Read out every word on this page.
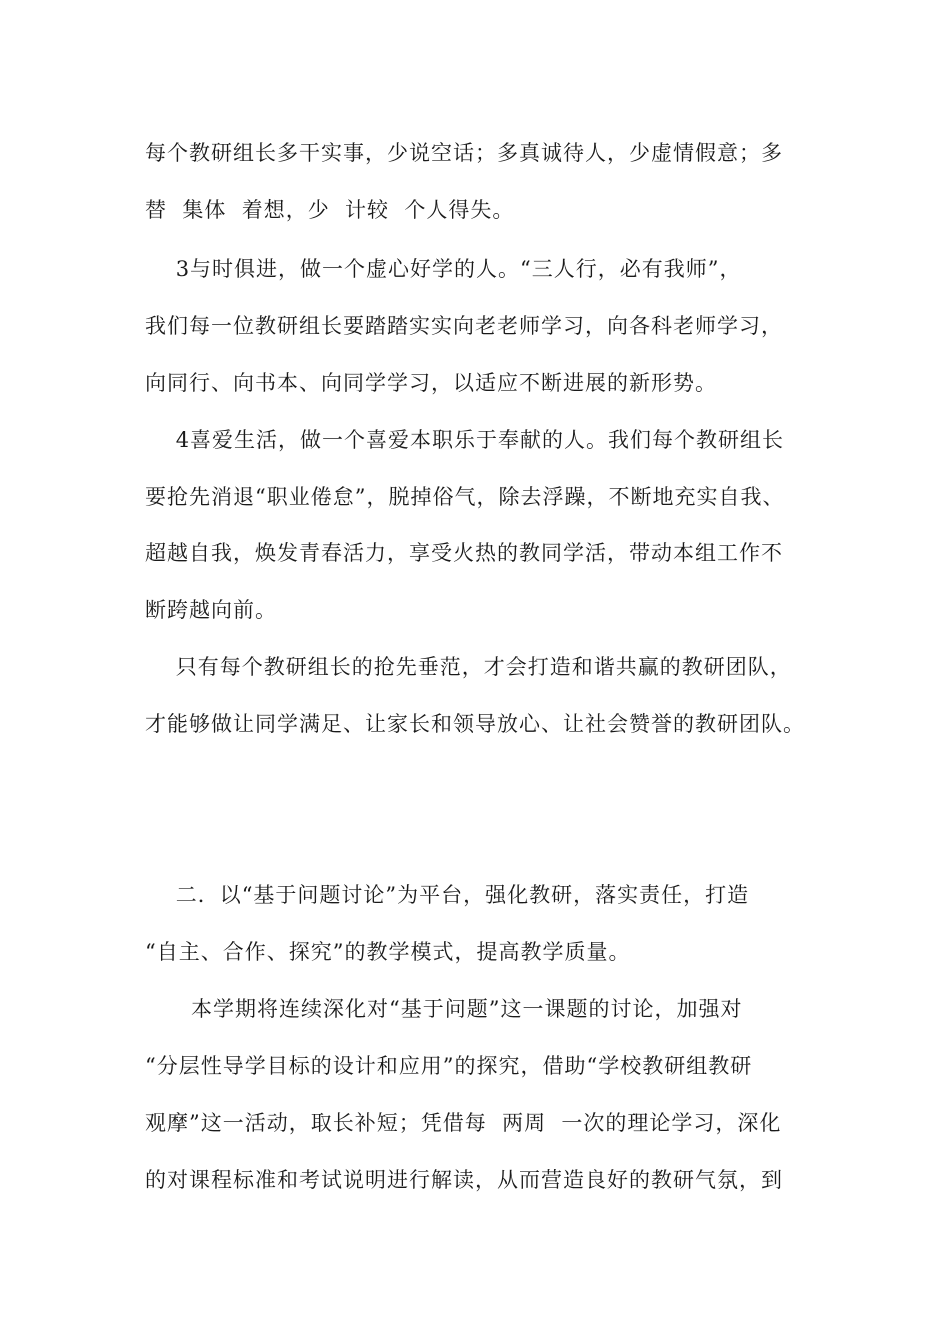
每个教研组长多干实事，少说空话；多真诚待人，少虚情假意；多
替  集体  着想，少  计较  个人得失。
3与时俱进，做一个虚心好学的人。“三人行，必有我师”，
我们每一位教研组长要踏踏实实向老老师学习，向各科老师学习，
向同行、向书本、向同学学习，以适应不断进展的新形势。
4喜爱生活，做一个喜爱本职乐于奉献的人。我们每个教研组长
要抢先消退“职业倦怠”，脱掉俗气，除去浮躁，不断地充实自我、
超越自我，焕发青春活力，享受火热的教同学活，带动本组工作不
断跨越向前。
只有每个教研组长的抢先垂范，才会打造和谐共赢的教研团队，
才能够做让同学满足、让家长和领导放心、让社会赞誉的教研团队。
二．以“基于问题讨论”为平台，强化教研，落实责任，打造
“自主、合作、探究”的教学模式，提高教学质量。
本学期将连续深化对“基于问题”这一课题的讨论，加强对
“分层性导学目标的设计和应用”的探究，借助“学校教研组教研
观摩”这一活动，取长补短；凭借每  两周  一次的理论学习，深化
的对课程标准和考试说明进行解读，从而营造良好的教研气氛，到
